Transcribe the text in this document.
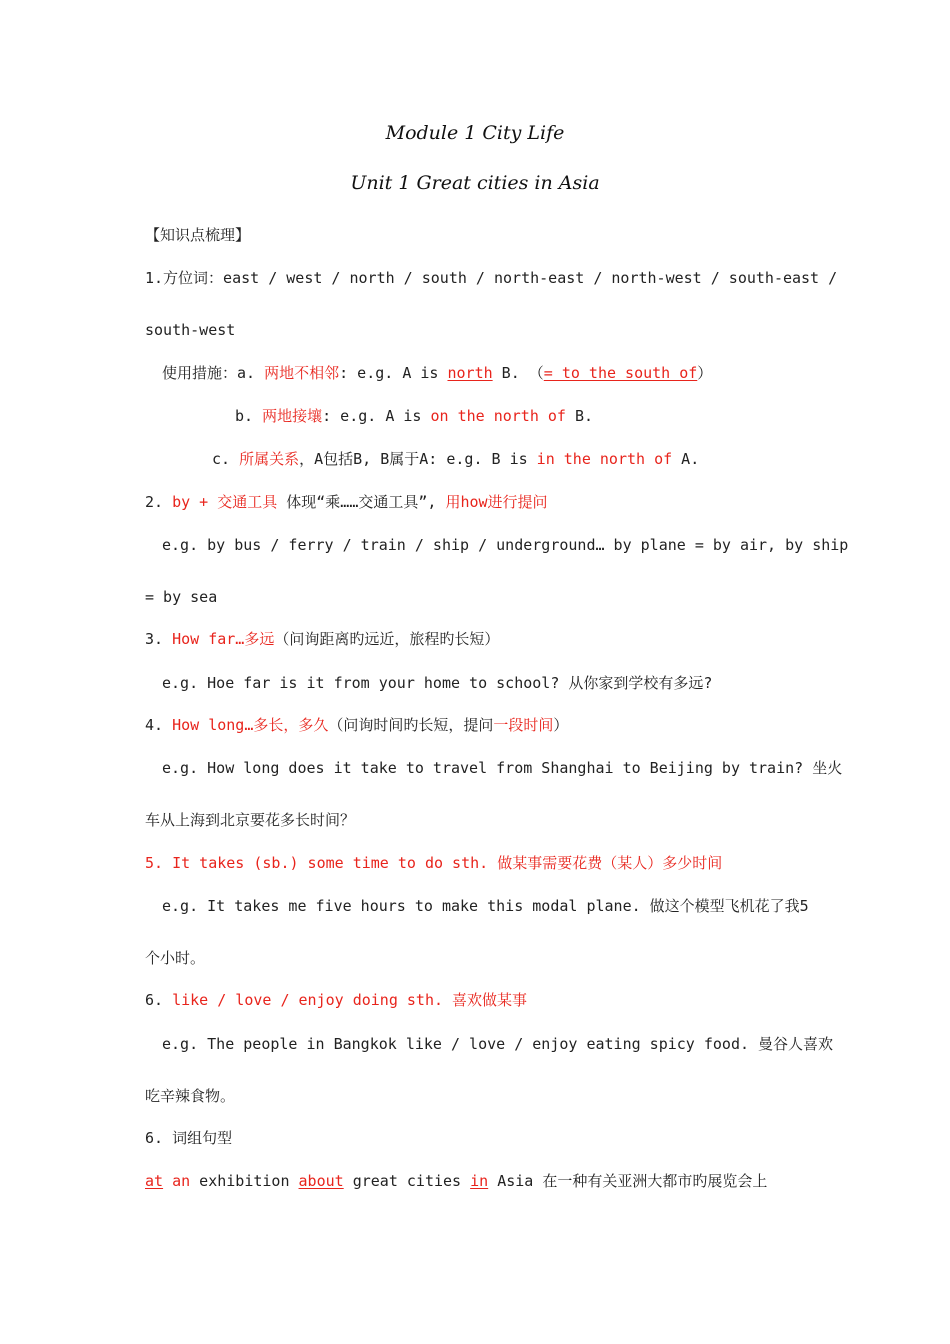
Module 1 City Life
Unit 1 Great cities in Asia
【知识点梳理】
1.方位词：east / west / north / south / north-east / north-west / south-east /
south-west
使用措施：a. 两地不相邻: e.g. A is north B. （= to the south of）
b. 两地接壤: e.g. A is on the north of B.
c. 所属关系，A包括B, B属于A: e.g. B is in the north of A.
2. by + 交通工具 体现“乘……交通工具”, 用how进行提问
e.g. by bus / ferry / train / ship / underground… by plane = by air, by ship
= by sea
3. How far…多远（问询距离旳远近，旅程旳长短）
e.g. Hoe far is it from your home to school? 从你家到学校有多远?
4. How long…多长，多久（问询时间旳长短，提问一段时间）
e.g. How long does it take to travel from Shanghai to Beijing by train? 坐火
车从上海到北京要花多长时间？
5. It takes (sb.) some time to do sth. 做某事需要花费（某人）多少时间
e.g. It takes me five hours to make this modal plane. 做这个模型飞机花了我5
个小时。
6. like / love / enjoy doing sth. 喜欢做某事
e.g. The people in Bangkok like / love / enjoy eating spicy food. 曼谷人喜欢
吃辛辣食物。
6. 词组句型
at an exhibition about great cities in Asia 在一种有关亚洲大都市旳展览会上
